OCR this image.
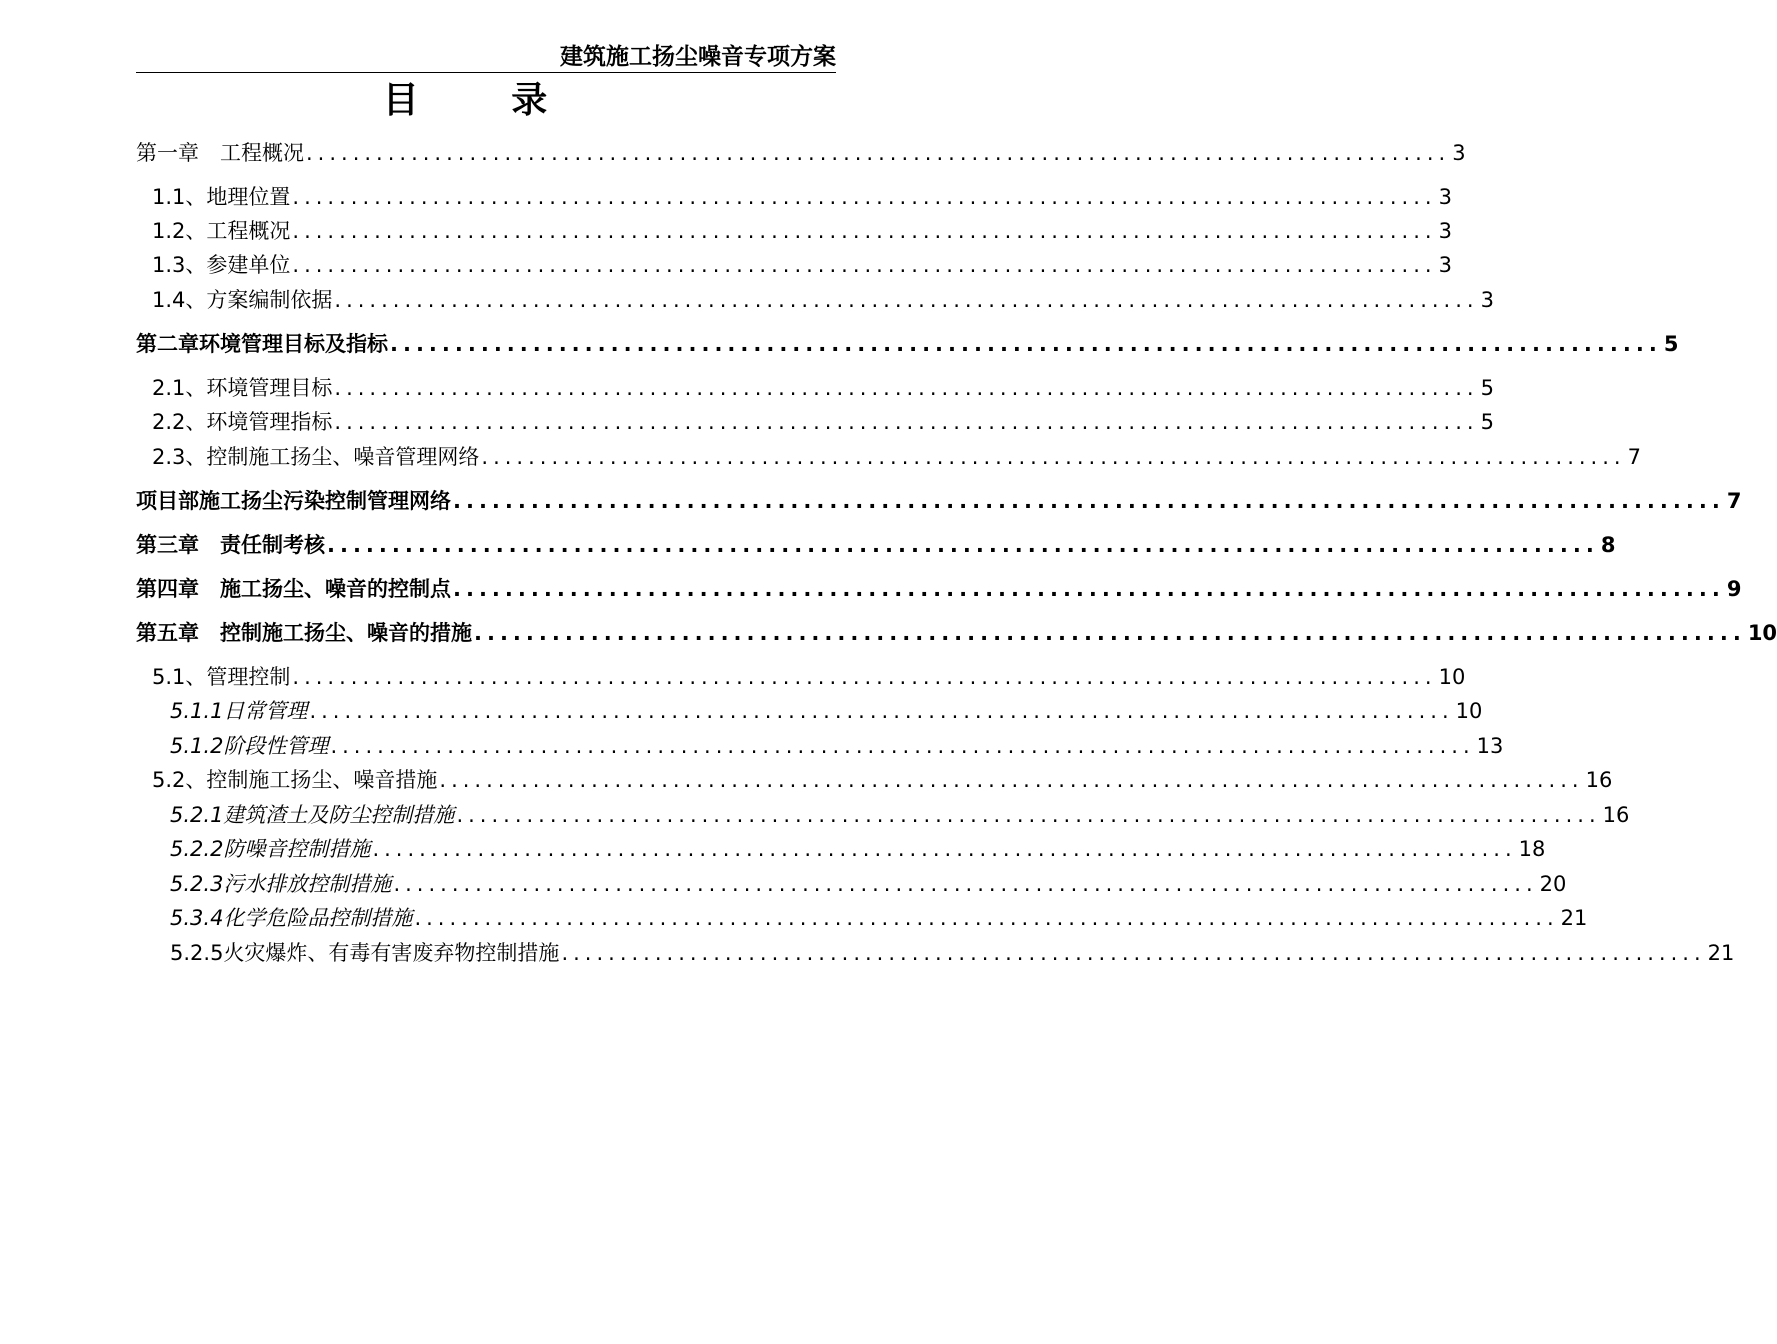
建筑施工扬尘噪音专项方案
目 录
第一章　工程概况 .................................................................................................. 3
1.1、地理位置 .................................................................................................. 3
1.2、工程概况 .................................................................................................. 3
1.3、参建单位 .................................................................................................. 3
1.4、方案编制依据 .................................................................................................. 3
第二章环境管理目标及指标 .................................................................................................. 5
2.1、环境管理目标 .................................................................................................. 5
2.2、环境管理指标 .................................................................................................. 5
2.3、控制施工扬尘、噪音管理网络 .................................................................................................. 7
项目部施工扬尘污染控制管理网络 .................................................................................................. 7
第三章　责任制考核 .................................................................................................. 8
第四章　施工扬尘、噪音的控制点 .................................................................................................. 9
第五章　控制施工扬尘、噪音的措施 .................................................................................................. 10
5.1、管理控制 .................................................................................................. 10
5.1.1日常管理 .................................................................................................. 10
5.1.2阶段性管理 .................................................................................................. 13
5.2、控制施工扬尘、噪音措施 .................................................................................................. 16
5.2.1建筑渣土及防尘控制措施 .................................................................................................. 16
5.2.2防噪音控制措施 .................................................................................................. 18
5.2.3污水排放控制措施 .................................................................................................. 20
5.3.4化学危险品控制措施 .................................................................................................. 21
5.2.5火灾爆炸、有毒有害废弃物控制措施 .................................................................................................. 21
